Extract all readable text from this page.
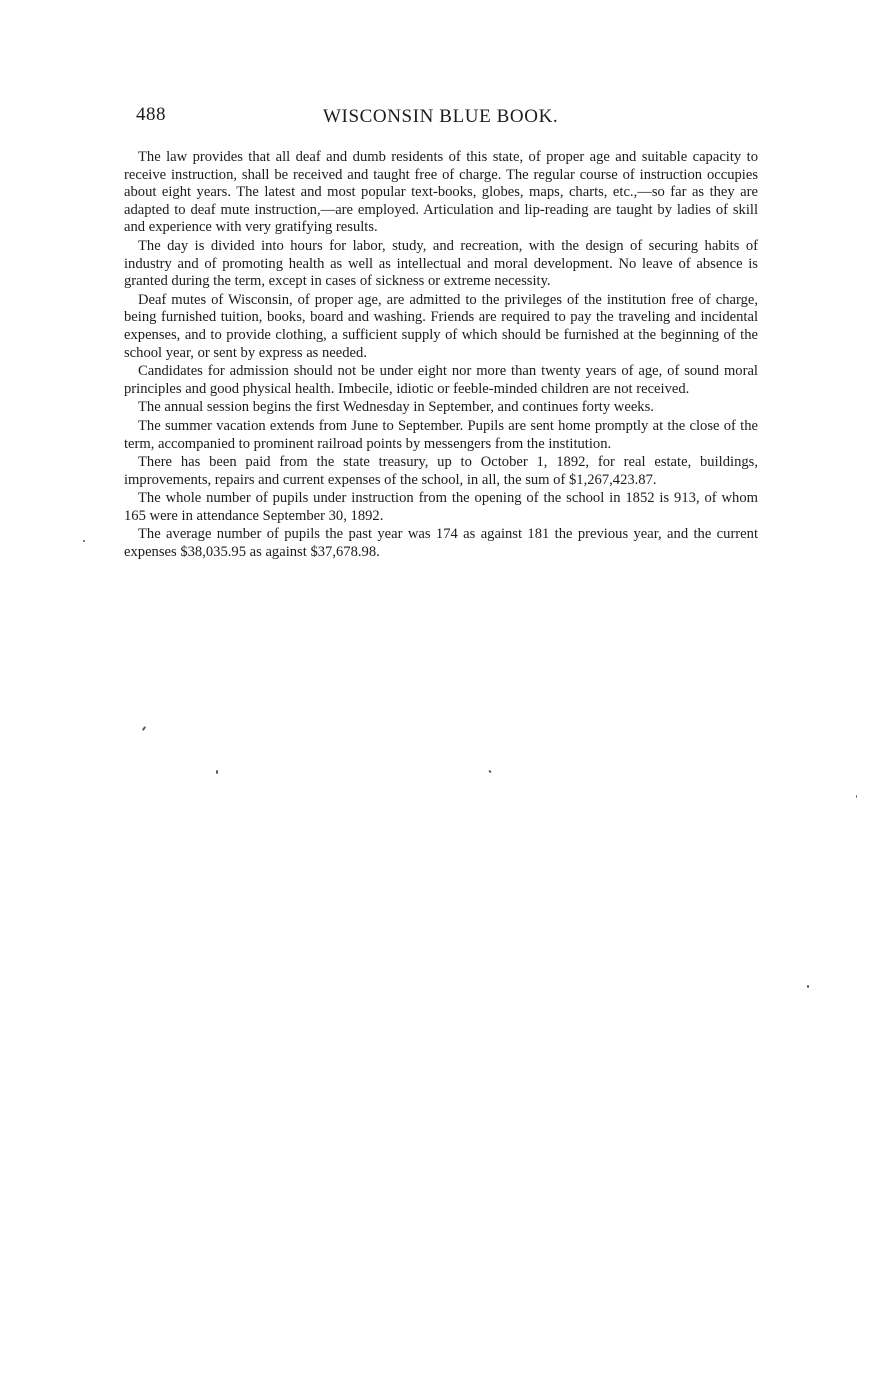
488	WISCONSIN BLUE BOOK.

The law provides that all deaf and dumb residents of this state, of proper age and suitable capacity to receive instruction, shall be received and taught free of charge. The regular course of instruction occupies about eight years. The latest and most popular text-books, globes, maps, charts, etc.,—so far as they are adapted to deaf mute instruction,—are employed. Articulation and lip-reading are taught by ladies of skill and experience with very gratifying results.

The day is divided into hours for labor, study, and recreation, with the design of securing habits of industry and of promoting health as well as intellectual and moral development. No leave of absence is granted during the term, except in cases of sickness or extreme necessity.

Deaf mutes of Wisconsin, of proper age, are admitted to the privileges of the institution free of charge, being furnished tuition, books, board and washing. Friends are required to pay the traveling and incidental expenses, and to provide clothing, a sufficient supply of which should be furnished at the beginning of the school year, or sent by express as needed.

Candidates for admission should not be under eight nor more than twenty years of age, of sound moral principles and good physical health. Imbecile, idiotic or feeble-minded children are not received.

The annual session begins the first Wednesday in September, and continues forty weeks.

The summer vacation extends from June to September. Pupils are sent home promptly at the close of the term, accompanied to prominent railroad points by messengers from the institution.

There has been paid from the state treasury, up to October 1, 1892, for real estate, buildings, improvements, repairs and current expenses of the school, in all, the sum of $1,267,423.87.

The whole number of pupils under instruction from the opening of the school in 1852 is 913, of whom 165 were in attendance September 30, 1892.

The average number of pupils the past year was 174 as against 181 the previous year, and the current expenses $38,035.95 as against $37,678.98.
